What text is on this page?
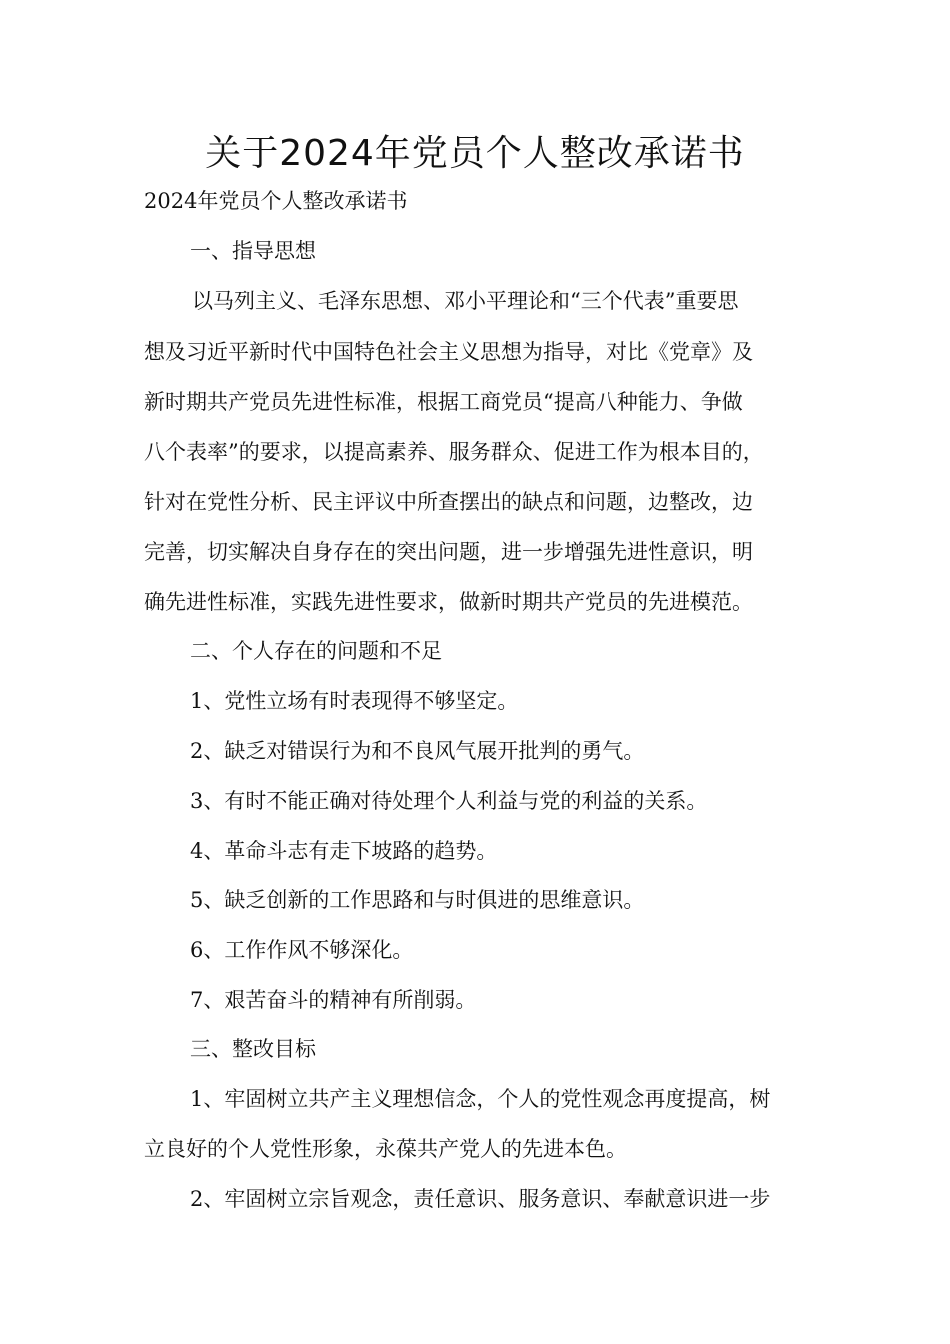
关于2024年党员个人整改承诺书

2024年党员个人整改承诺书

一、指导思想

以马列主义、毛泽东思想、邓小平理论和“三个代表”重要思

想及习近平新时代中国特色社会主义思想为指导，对比《党章》及

新时期共产党员先进性标准，根据工商党员“提高八种能力、争做

八个表率”的要求，以提高素养、服务群众、促进工作为根本目的，

针对在党性分析、民主评议中所查摆出的缺点和问题，边整改，边

完善，切实解决自身存在的突出问题，进一步增强先进性意识，明

确先进性标准，实践先进性要求，做新时期共产党员的先进模范。

二、个人存在的问题和不足

1、党性立场有时表现得不够坚定。

2、缺乏对错误行为和不良风气展开批判的勇气。

3、有时不能正确对待处理个人利益与党的利益的关系。

4、革命斗志有走下坡路的趋势。

5、缺乏创新的工作思路和与时俱进的思维意识。

6、工作作风不够深化。

7、艰苦奋斗的精神有所削弱。

三、整改目标

1、牢固树立共产主义理想信念，个人的党性观念再度提高，树

立良好的个人党性形象，永葆共产党人的先进本色。

2、牢固树立宗旨观念，责任意识、服务意识、奉献意识进一步
